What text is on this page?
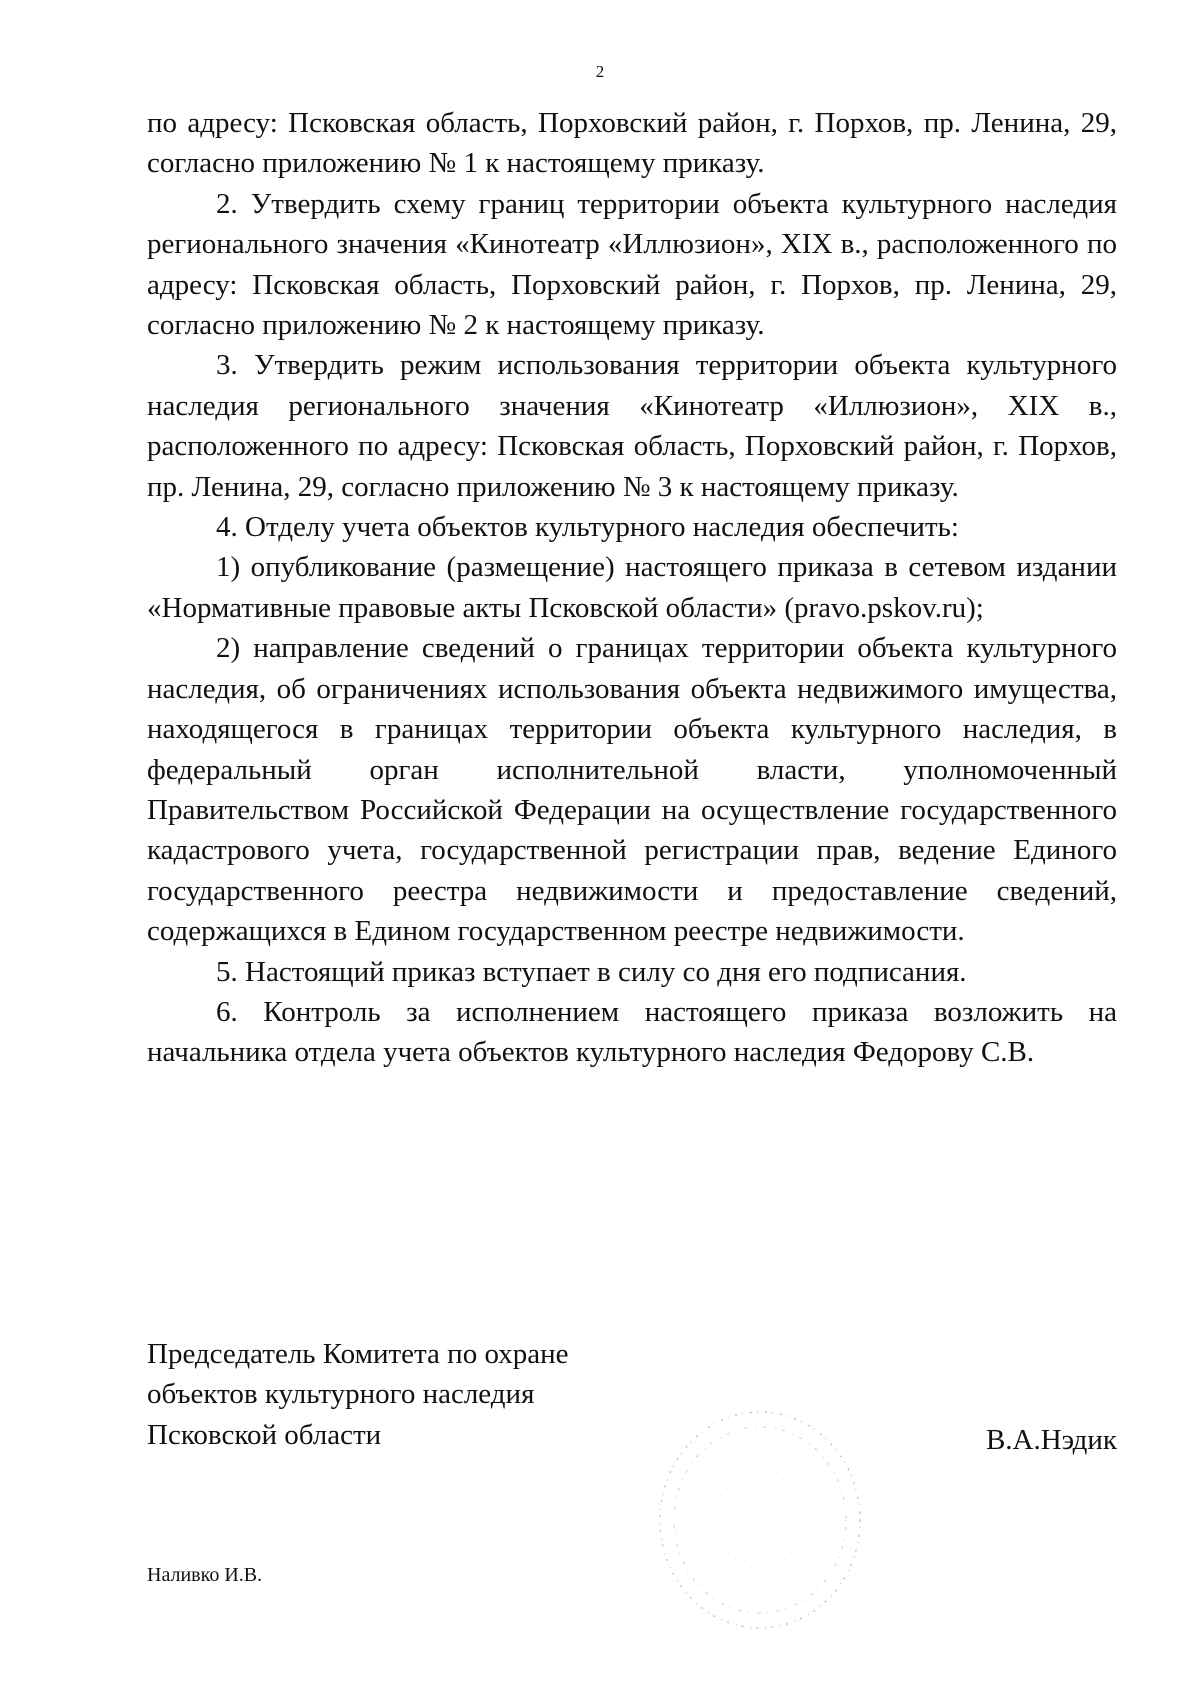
2

по адресу: Псковская область, Порховский район, г. Порхов, пр. Ленина, 29, согласно приложению № 1 к настоящему приказу.

2. Утвердить схему границ территории объекта культурного наследия регионального значения «Кинотеатр «Иллюзион», XIX в., расположенного по адресу: Псковская область, Порховский район, г. Порхов, пр. Ленина, 29, согласно приложению № 2 к настоящему приказу.

3. Утвердить режим использования территории объекта культурного наследия регионального значения «Кинотеатр «Иллюзион», XIX в., расположенного по адресу: Псковская область, Порховский район, г. Порхов, пр. Ленина, 29, согласно приложению № 3 к настоящему приказу.

4. Отделу учета объектов культурного наследия обеспечить:

1) опубликование (размещение) настоящего приказа в сетевом издании «Нормативные правовые акты Псковской области» (pravo.pskov.ru);

2) направление сведений о границах территории объекта культурного наследия, об ограничениях использования объекта недвижимого имущества, находящегося в границах территории объекта культурного наследия, в федеральный орган исполнительной власти, уполномоченный Правительством Российской Федерации на осуществление государственного кадастрового учета, государственной регистрации прав, ведение Единого государственного реестра недвижимости и предоставление сведений, содержащихся в Едином государственном реестре недвижимости.

5. Настоящий приказ вступает в силу со дня его подписания.

6. Контроль за исполнением настоящего приказа возложить на начальника отдела учета объектов культурного наследия Федорову С.В.

Председатель Комитета по охране
объектов культурного наследия
Псковской области	В.А.Нэдик
Наливко И.В.
